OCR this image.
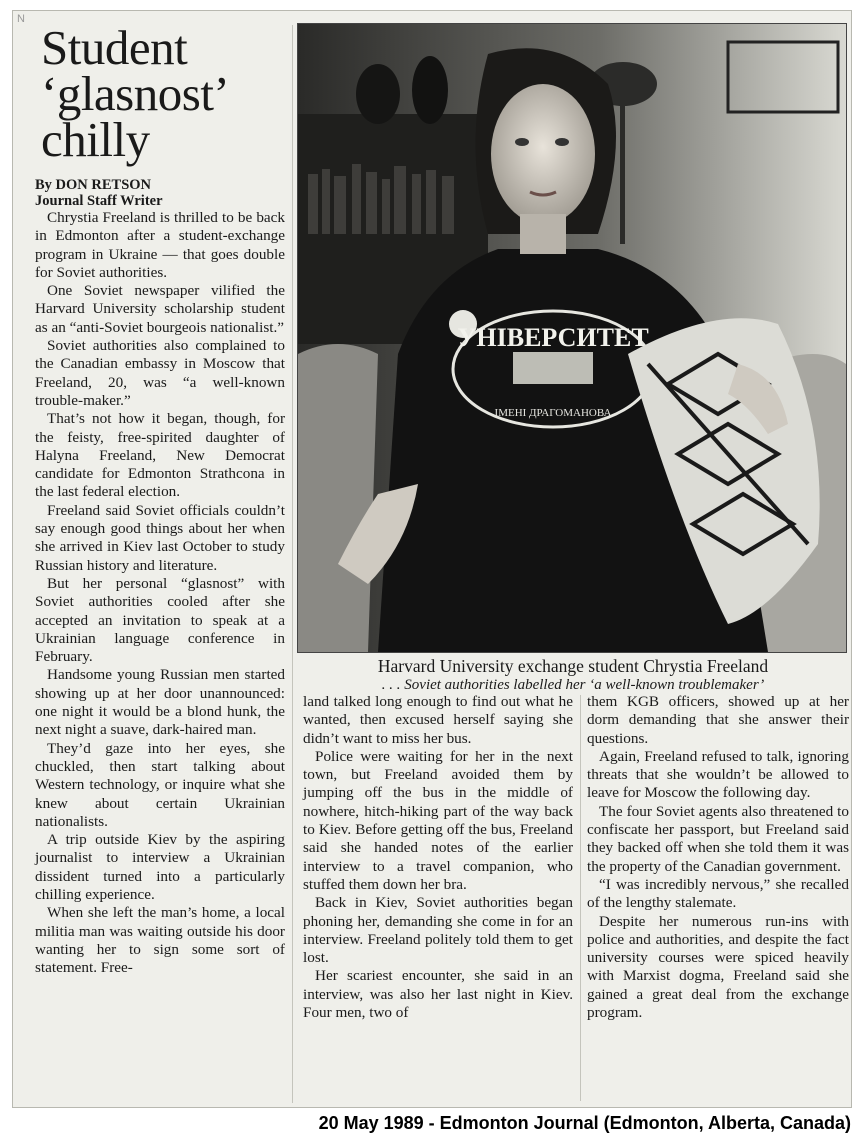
N
Student
‘glasnost’
chilly

By DON RETSON

Journal Staff Writer

Chrystia Freeland is thrilled to be back in Edmonton after a student-exchange program in Ukraine — that goes double for Soviet authorities.

One Soviet newspaper vilified the Harvard University scholarship student as an “anti-Soviet bourgeois nationalist.”

Soviet authorities also complained to the Canadian embassy in Moscow that Freeland, 20, was “a well-known trouble-maker.”

That’s not how it began, though, for the feisty, free-spirited daughter of Halyna Freeland, New Democrat candidate for Edmonton Strathcona in the last federal election.

Freeland said Soviet officials couldn’t say enough good things about her when she arrived in Kiev last October to study Russian history and literature.

But her personal “glasnost” with Soviet authorities cooled after she accepted an invitation to speak at a Ukrainian language conference in February.

Handsome young Russian men started showing up at her door unannounced: one night it would be a blond hunk, the next night a suave, dark-haired man.

They’d gaze into her eyes, she chuckled, then start talking about Western technology, or inquire what she knew about certain Ukrainian nationalists.

A trip outside Kiev by the aspiring journalist to interview a Ukrainian dissident turned into a particularly chilling experience.

When she left the man’s home, a local militia man was waiting outside his door wanting her to sign some sort of statement. Free-

УНІВЕРСИТЕТ
ІМЕНІ ДРАГОМАНОВА
Harvard University exchange student Chrystia Freeland
. . . Soviet authorities labelled her ‘a well-known troublemaker’

land talked long enough to find out what he wanted, then excused herself saying she didn’t want to miss her bus.

Police were waiting for her in the next town, but Freeland avoided them by jumping off the bus in the middle of nowhere, hitch-hiking part of the way back to Kiev. Before getting off the bus, Freeland said she handed notes of the earlier interview to a travel companion, who stuffed them down her bra.

Back in Kiev, Soviet authorities began phoning her, demanding she come in for an interview. Freeland politely told them to get lost.

Her scariest encounter, she said in an interview, was also her last night in Kiev. Four men, two of

them KGB officers, showed up at her dorm demanding that she answer their questions.

Again, Freeland refused to talk, ignoring threats that she wouldn’t be allowed to leave for Moscow the following day.

The four Soviet agents also threatened to confiscate her passport, but Freeland said they backed off when she told them it was the property of the Canadian government.

“I was incredibly nervous,” she recalled of the lengthy stalemate.

Despite her numerous run-ins with police and authorities, and despite the fact university courses were spiced heavily with Marxist dogma, Freeland said she gained a great deal from the exchange program.

20 May 1989 - Edmonton Journal (Edmonton, Alberta, Canada)
